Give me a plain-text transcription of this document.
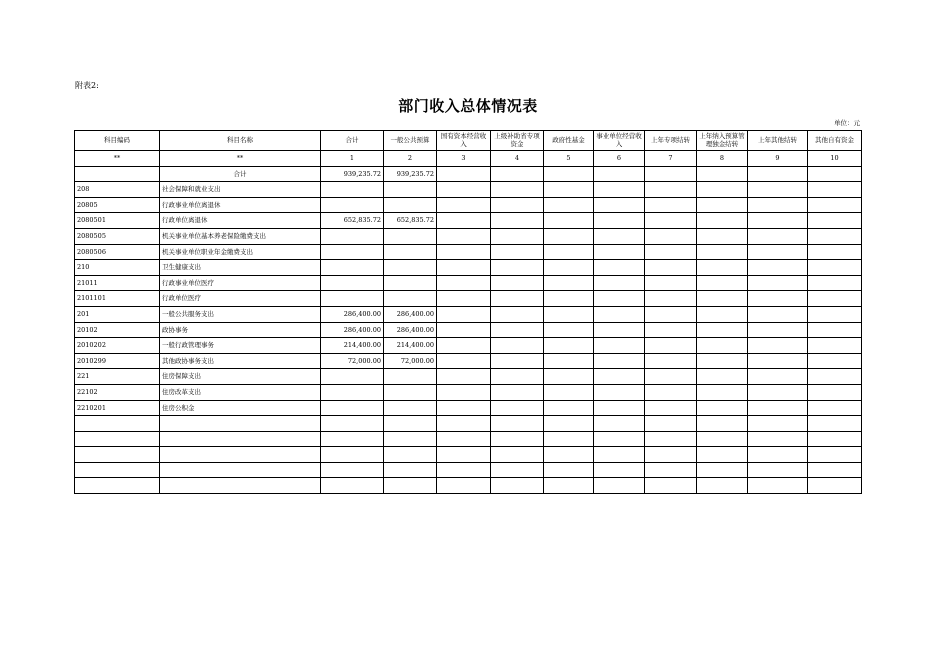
附表2:
部门收入总体情况表
单位：元
科目编码	科目名称	合计	一般公共预算	国有资本经营收入	上级补助省专项资金	政府性基金	事业单位经营收入	上年专项结转	上年纳入预算管理独金结转	上年其他结转	其他自有资金
**	**	1	2	3	4	5	6	7	8	9	10
	合计	939,235.72	939,235.72								
208	社会保障和就业支出										
20805	行政事业单位离退休										
2080501	行政单位离退休	652,835.72	652,835.72								
2080505	机关事业单位基本养老保险缴费支出										
2080506	机关事业单位职业年金缴费支出										
210	卫生健康支出										
21011	行政事业单位医疗										
2101101	行政单位医疗										
201	一般公共服务支出	286,400.00	286,400.00								
20102	政协事务	286,400.00	286,400.00								
2010202	一般行政管理事务	214,400.00	214,400.00								
2010299	其他政协事务支出	72,000.00	72,000.00								
221	住房保障支出										
22102	住房改革支出										
2210201	住房公积金										
